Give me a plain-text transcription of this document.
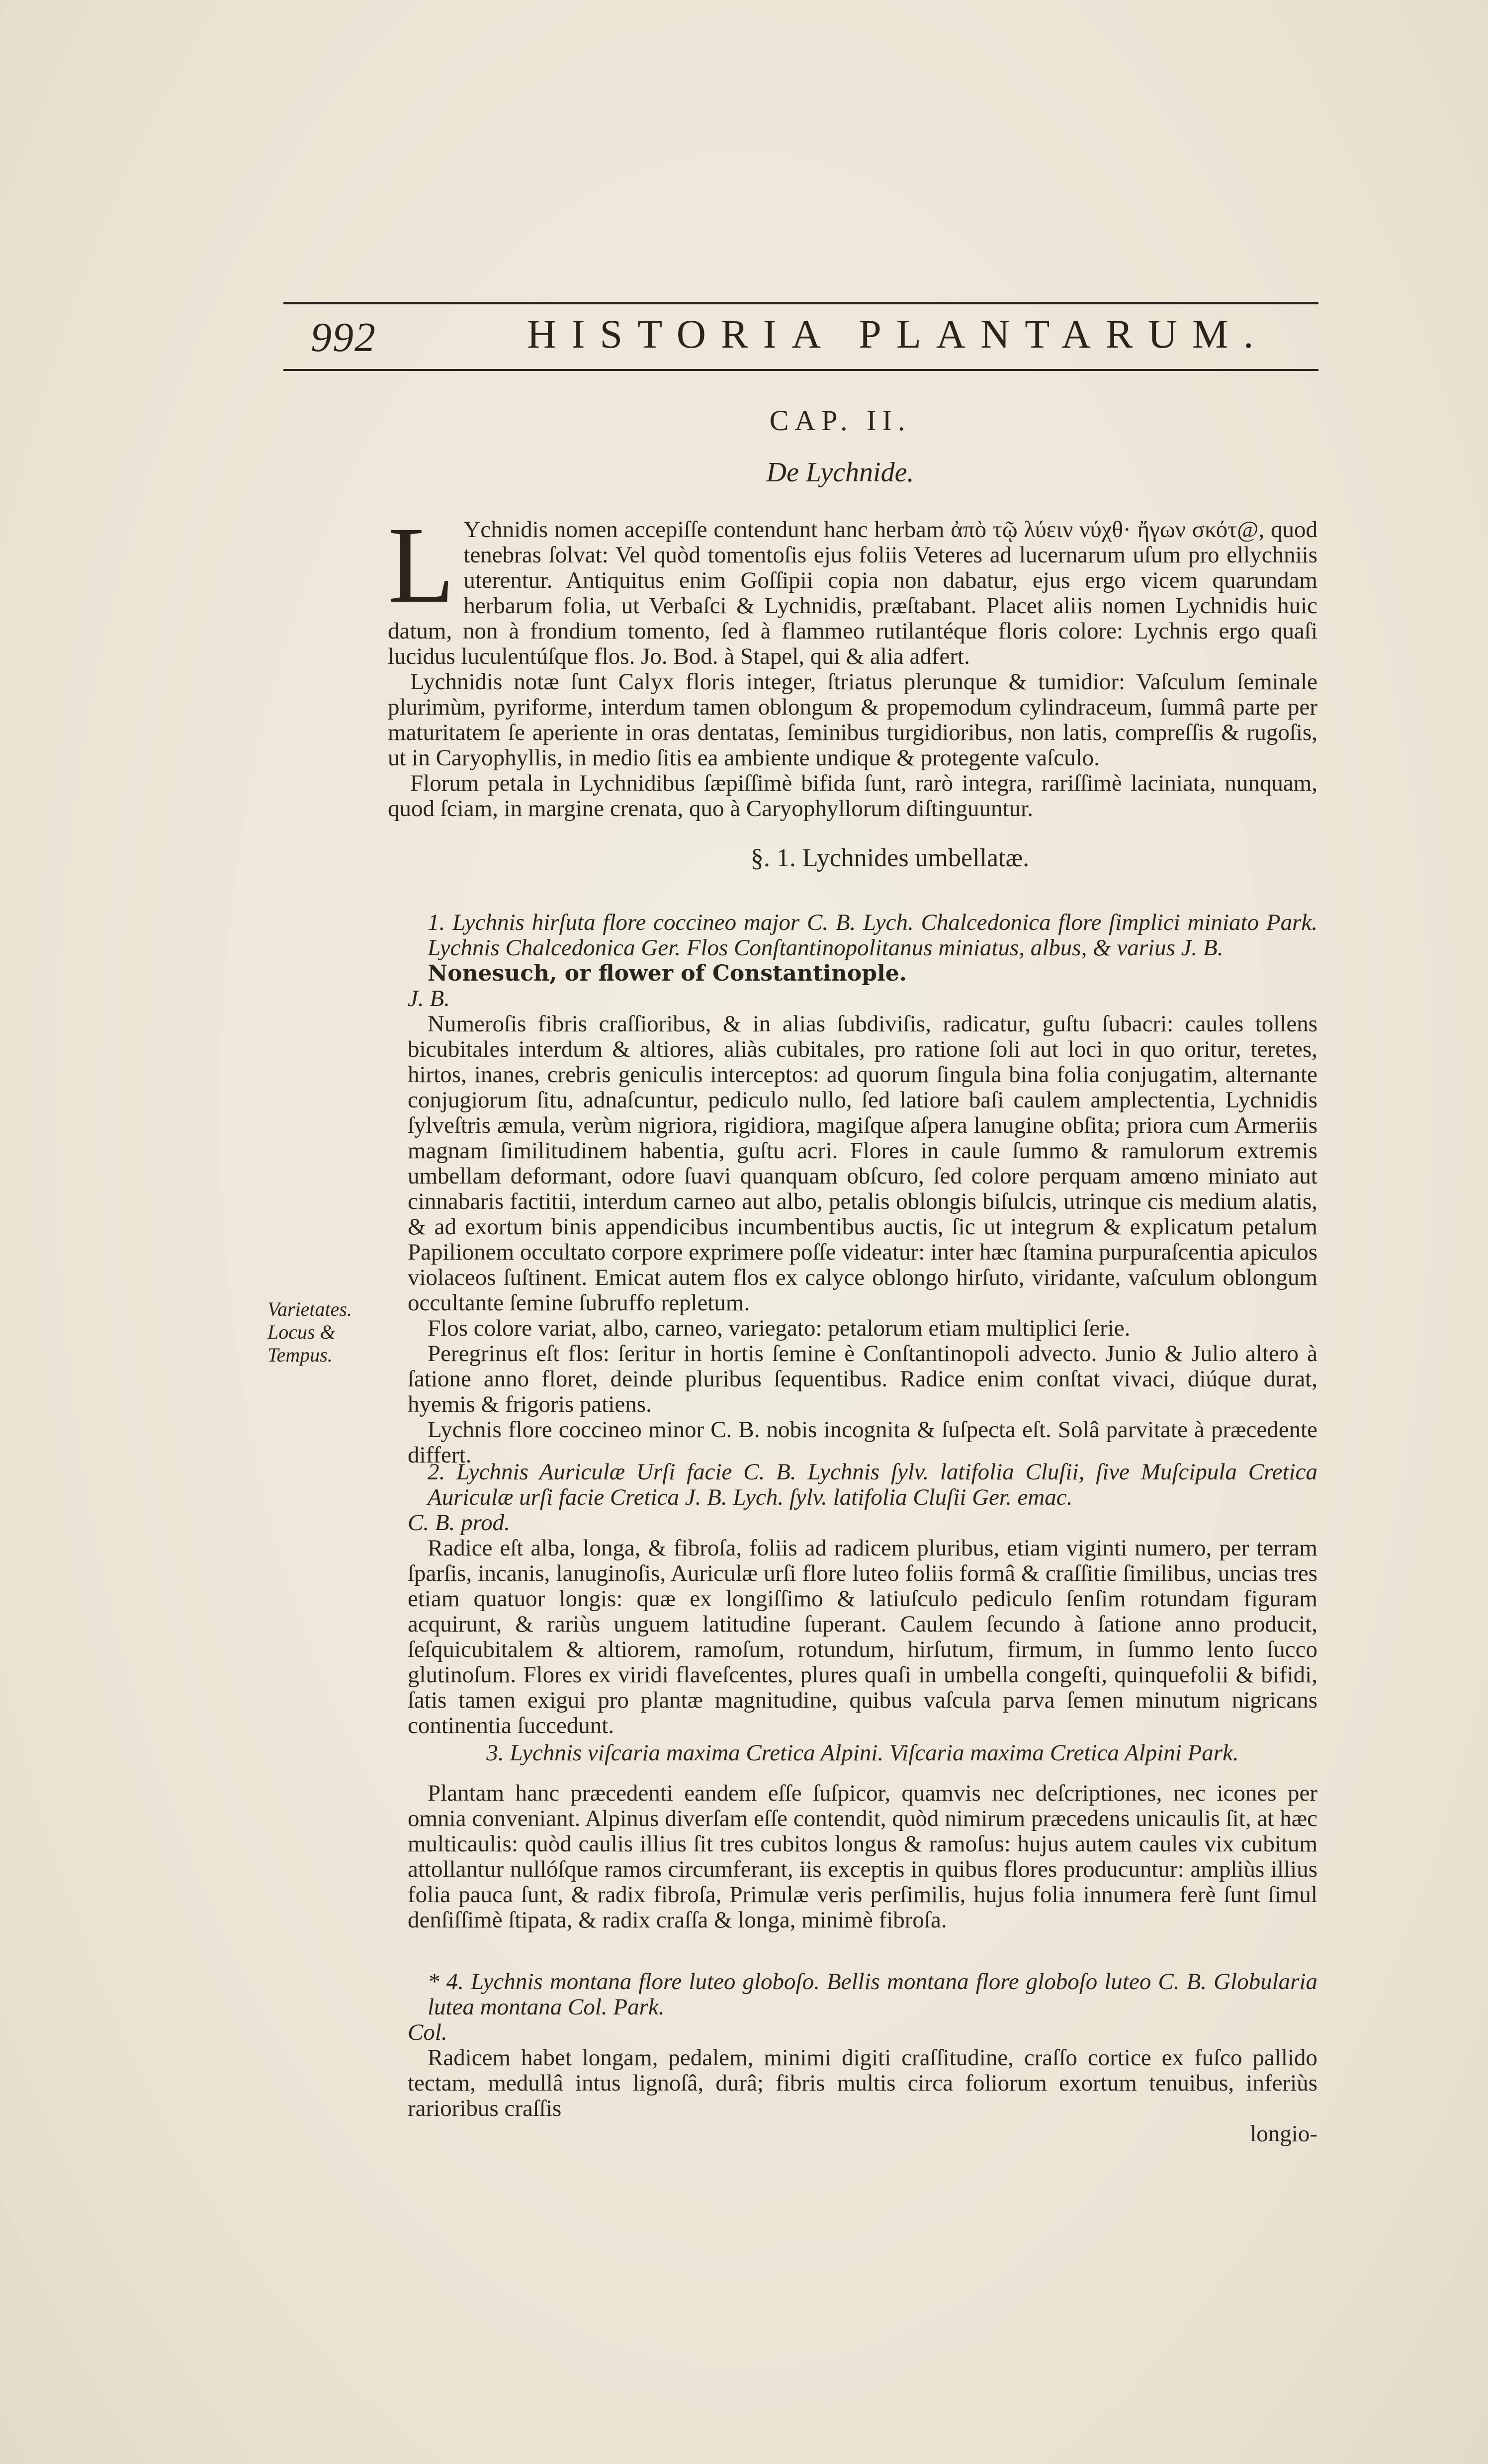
992	HISTORIA PLANTARUM.
CAP. II.
De Lychnide.

L Ychnidis nomen accepiſſe contendunt hanc herbam ἀπὸ τῷ λύειν νύχθ· ἤγων σκότ@, quod tenebras ſolvat: Vel quòd tomentoſis ejus foliis Veteres ad lucernarum uſum pro ellychniis uterentur. Antiquitus enim Goſſipii copia non dabatur, ejus ergo vicem quarundam herbarum folia, ut Verbaſci & Lychnidis, præſtabant. Placet aliis nomen Lychnidis huic datum, non à frondium tomento, ſed à flammeo rutilantéque floris colore: Lychnis ergo quaſi lucidus luculentúſque flos. Jo. Bod. à Stapel, qui & alia adfert.

Lychnidis notæ ſunt Calyx floris integer, ſtriatus plerunque & tumidior: Vaſculum ſeminale plurimùm, pyriforme, interdum tamen oblongum & propemodum cylindraceum, ſummâ parte per maturitatem ſe aperiente in oras dentatas, ſeminibus turgidioribus, non latis, compreſſis & rugoſis, ut in Caryophyllis, in medio ſitis ea ambiente undique & protegente vaſculo.

Florum petala in Lychnidibus ſæpiſſimè bifida ſunt, rarò integra, rariſſimè laciniata, nunquam, quod ſciam, in margine crenata, quo à Caryophyllorum diſtinguuntur.

§. 1. Lychnides umbellatæ.
1. Lychnis hirſuta flore coccineo major C. B. Lych. Chalcedonica flore ſimplici miniato Park. Lychnis Chalcedonica Ger. Flos Conſtantinopolitanus miniatus, albus, & varius J. B.
Nonesuch, or flower of Constantinople.
J. B.
Numeroſis fibris craſſioribus, & in alias ſubdiviſis, radicatur, guſtu ſubacri: caules tollens bicubitales interdum & altiores, aliàs cubitales, pro ratione ſoli aut loci in quo oritur, teretes, hirtos, inanes, crebris geniculis interceptos: ad quorum ſingula bina folia conjugatim, alternante conjugiorum ſitu, adnaſcuntur, pediculo nullo, ſed latiore baſi caulem amplectentia, Lychnidis ſylveſtris æmula, verùm nigriora, rigidiora, magiſque aſpera lanugine obſita; priora cum Armeriis magnam ſimilitudinem habentia, guſtu acri. Flores in caule ſummo & ramulorum extremis umbellam deformant, odore ſuavi quanquam obſcuro, ſed colore perquam amœno miniato aut cinnabaris factitii, interdum carneo aut albo, petalis oblongis biſulcis, utrinque cis medium alatis, & ad exortum binis appendicibus incumbentibus auctis, ſic ut integrum & explicatum petalum Papilionem occultato corpore exprimere poſſe videatur: inter hæc ſtamina purpuraſcentia apiculos violaceos ſuſtinent. Emicat autem flos ex calyce oblongo hirſuto, viridante, vaſculum oblongum occultante ſemine ſubruffo repletum.
Flos colore variat, albo, carneo, variegato: petalorum etiam multiplici ſerie.
Peregrinus eſt flos: ſeritur in hortis ſemine è Conſtantinopoli advecto. Junio & Julio altero à ſatione anno floret, deinde pluribus ſequentibus. Radice enim conſtat vivaci, diúque durat, hyemis & frigoris patiens.
Lychnis flore coccineo minor C. B. nobis incognita & ſuſpecta eſt. Solâ parvitate à præcedente differt.
Varietates. Locus & Tempus.
2. Lychnis Auriculæ Urſi facie C. B. Lychnis ſylv. latifolia Cluſii, ſive Muſcipula Cretica Auriculæ urſi facie Cretica J. B. Lych. ſylv. latifolia Cluſii Ger. emac.
C. B. prod.
Radice eſt alba, longa, & fibroſa, foliis ad radicem pluribus, etiam viginti numero, per terram ſparſis, incanis, lanuginoſis, Auriculæ urſi flore luteo foliis formâ & craſſitie ſimilibus, uncias tres etiam quatuor longis: quæ ex longiſſimo & latiuſculo pediculo ſenſim rotundam figuram acquirunt, & rariùs unguem latitudine ſuperant. Caulem ſecundo à ſatione anno producit, ſeſquicubitalem & altiorem, ramoſum, rotundum, hirſutum, firmum, in ſummo lento ſucco glutinoſum. Flores ex viridi flaveſcentes, plures quaſi in umbella congeſti, quinquefolii & bifidi, ſatis tamen exigui pro plantæ magnitudine, quibus vaſcula parva ſemen minutum nigricans continentia ſuccedunt.
3. Lychnis viſcaria maxima Cretica Alpini. Viſcaria maxima Cretica Alpini Park.
Plantam hanc præcedenti eandem eſſe ſuſpicor, quamvis nec deſcriptiones, nec icones per omnia conveniant. Alpinus diverſam eſſe contendit, quòd nimirum præcedens unicaulis ſit, at hæc multicaulis: quòd caulis illius ſit tres cubitos longus & ramoſus: hujus autem caules vix cubitum attollantur nullóſque ramos circumferant, iis exceptis in quibus flores producuntur: ampliùs illius folia pauca ſunt, & radix fibroſa, Primulæ veris perſimilis, hujus folia innumera ferè ſunt ſimul denſiſſimè ſtipata, & radix craſſa & longa, minimè fibroſa.
* 4. Lychnis montana flore luteo globoſo. Bellis montana flore globoſo luteo C. B. Globularia lutea montana Col. Park.
Col.
Radicem habet longam, pedalem, minimi digiti craſſitudine, craſſo cortice ex fuſco pallido tectam, medullâ intus lignoſâ, durâ; fibris multis circa foliorum exortum tenuibus, inferiùs rarioribus craſſis
longio-
